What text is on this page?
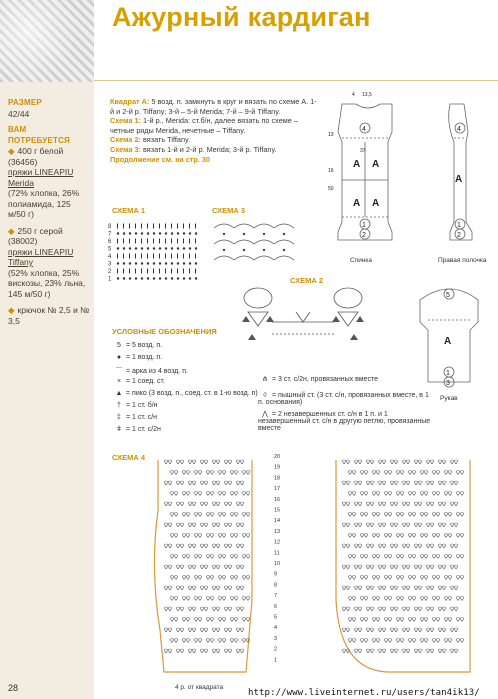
РАЗМЕР

42/44

ВАМ ПОТРЕБУЕТСЯ

◆ 400 г белой
(36456)
пряжи LINEAPIU
Merida
(72% хлопка, 26% полиамида, 125 м/50 г)

◆ 250 г серой
(38002)
пряжи LINEAPIU
Tiffany
(52% хлопка, 25% вискозы, 23% льна, 145 м/50 г)

◆ крючок № 2,5 и № 3,5

Ажурный кардиган
Квадрат А: 5 возд. п. замкнуть в круг и вязать по схеме А. 1-й и 2-й р. Tiffany; 3-й – 5-й Merida; 7-й – 9-й Tiffany.
Схема 1: 1-й р., Merida: ст.б/н, далее вязать по схеме – четные ряды Merida, нечетные – Tiffany.
Схема 2: вязать Tiffany.
Схема 3: вязать 1-й и 2-й р. Merida; 3-й р. Tiffany.
Продолжение см. на стр. 30	A A
A A
4
1
2
37
4 13,5
50
13
16
Спинка
A
4
1
2
Правая полочка
A
5
1
3
Рукав
СХЕМА 1	СХЕМА 3
СХЕМА 2
СХЕМА 4
8
7
6
5
4
3
2
1
УСЛОВНЫЕ ОБОЗНАЧЕНИЯ
5 = 5 возд. п.
● = 1 возд. п.
⌒ = арка из 4 возд. п.
× = 1 соед. ст.
▲ = пико (3 возд. п., соед. ст. в 1-ю возд. п)
† = 1 ст. б/н
‡ = 1 ст. с/н
ǂ = 1 ст. с/2н
⋔ = 3 ст. с/2н, провязанных вместе
◊ = пышный ст. (3 ст. с/н, провязанных вместе, в 1 п. основания)
⋀ = 2 незавершенных ст. с/н в 1 п. и 1 незавершенный ст. с/н в другую петлю, провязанные вместе
20
19
18
17
16
15
14
13
12
11
10
9
8
7
6
5
4
3
2
1
4 р. от квадрата
28	http://www.liveinternet.ru/users/tan4ik13/
